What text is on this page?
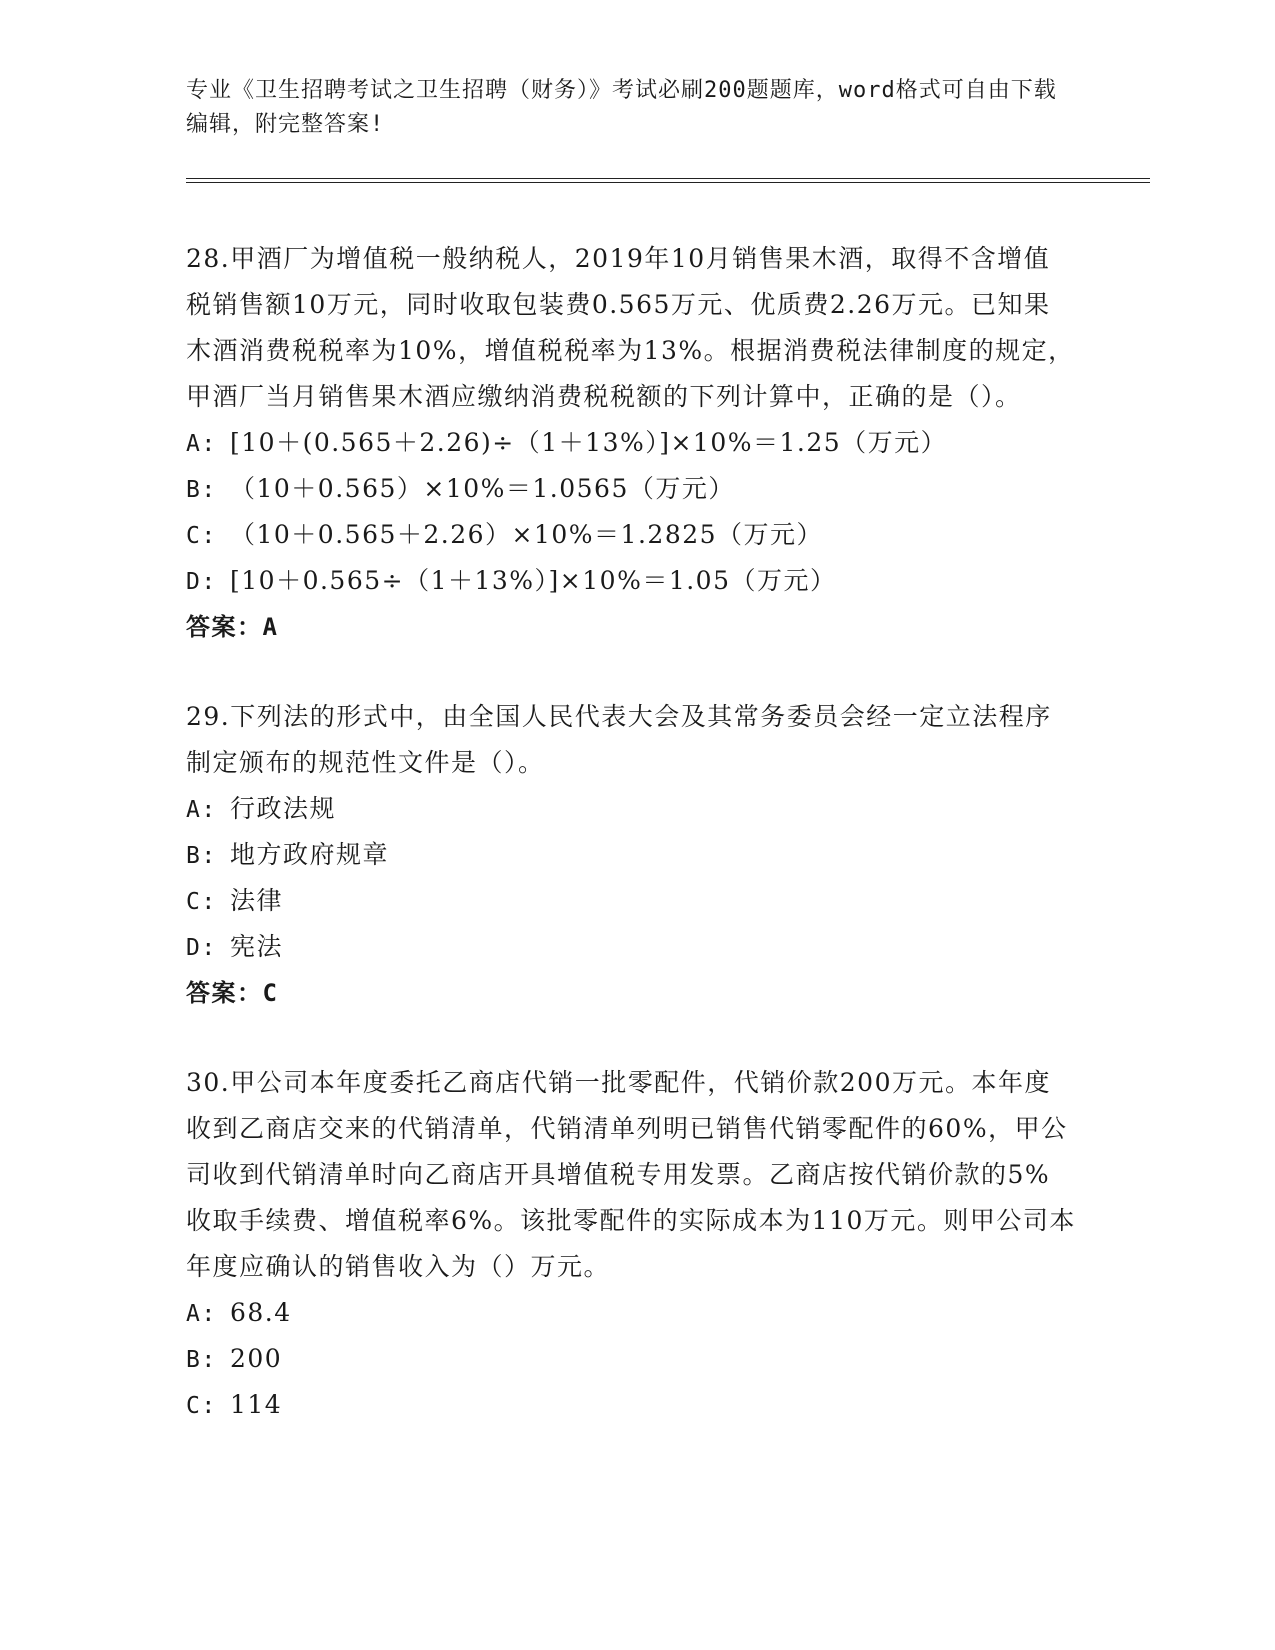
专业《卫生招聘考试之卫生招聘（财务）》考试必刷200题题库，word格式可自由下载编辑，附完整答案!
28.甲酒厂为增值税一般纳税人，2019年10月销售果木酒，取得不含增值税销售额10万元，同时收取包装费0.565万元、优质费2.26万元。已知果木酒消费税税率为10%，增值税税率为13%。根据消费税法律制度的规定，甲酒厂当月销售果木酒应缴纳消费税税额的下列计算中，正确的是（）。
A: [10＋(0.565＋2.26)÷（1＋13%）]×10%＝1.25（万元）
B: （10＋0.565）×10%＝1.0565（万元）
C: （10＋0.565＋2.26）×10%＝1.2825（万元）
D: [10＋0.565÷（1＋13%）]×10%＝1.05（万元）
答案：A
29.下列法的形式中，由全国人民代表大会及其常务委员会经一定立法程序制定颁布的规范性文件是（）。
A: 行政法规
B: 地方政府规章
C: 法律
D: 宪法
答案：C
30.甲公司本年度委托乙商店代销一批零配件，代销价款200万元。本年度收到乙商店交来的代销清单，代销清单列明已销售代销零配件的60%，甲公司收到代销清单时向乙商店开具增值税专用发票。乙商店按代销价款的5%收取手续费、增值税率6%。该批零配件的实际成本为110万元。则甲公司本年度应确认的销售收入为（）万元。
A: 68.4
B: 200
C: 114
